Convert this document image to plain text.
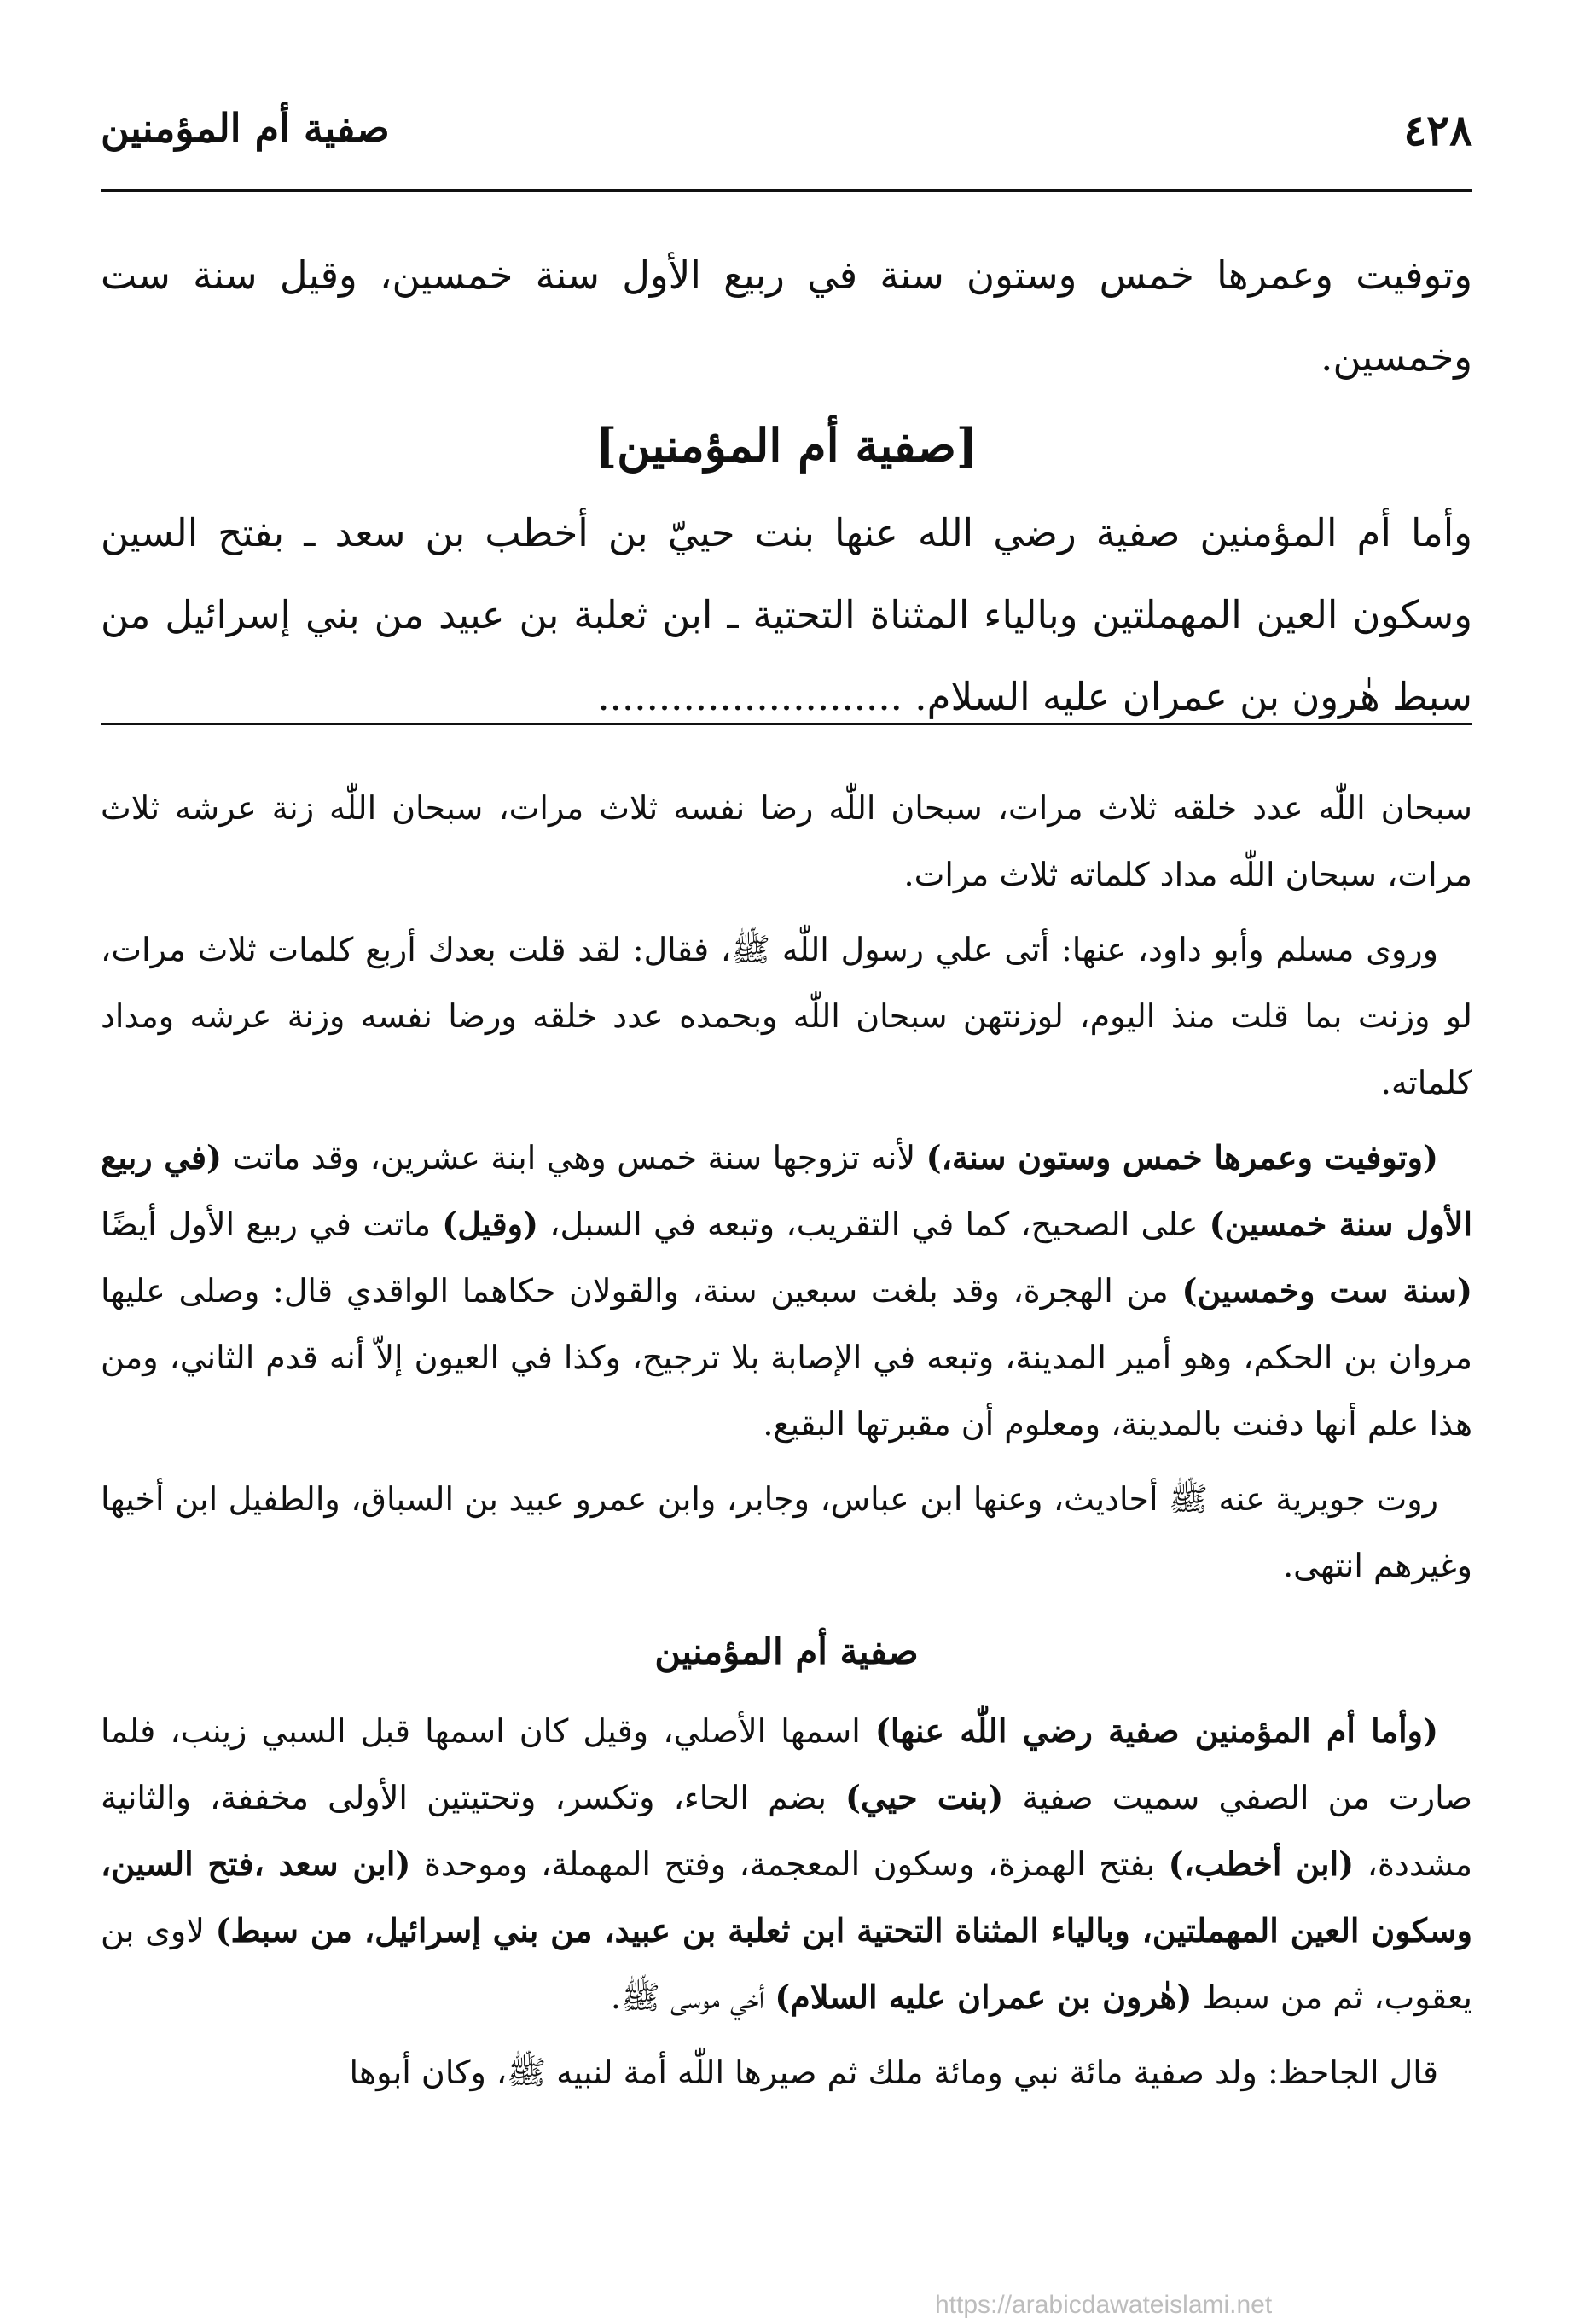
٤٢٨
صفية أم المؤمنين

وتوفيت وعمرها خمس وستون سنة في ربيع الأول سنة خمسين، وقيل سنة ست وخمسين.

[صفية أم المؤمنين]

وأما أم المؤمنين صفية رضي الله عنها بنت حييّ بن أخطب بن سعد ـ بفتح السين وسكون العين المهملتين وبالياء المثناة التحتية ـ ابن ثعلبة بن عبيد من بني إسرائيل من سبط هٰرون بن عمران عليه السلام. .........................

سبحان اللّٰه عدد خلقه ثلاث مرات، سبحان اللّٰه رضا نفسه ثلاث مرات، سبحان اللّٰه زنة عرشه ثلاث مرات، سبحان اللّٰه مداد كلماته ثلاث مرات.

وروى مسلم وأبو داود، عنها: أتى علي رسول اللّٰه ﷺ، فقال: لقد قلت بعدك أربع كلمات ثلاث مرات، لو وزنت بما قلت منذ اليوم، لوزنتهن سبحان اللّٰه وبحمده عدد خلقه ورضا نفسه وزنة عرشه ومداد كلماته.

(وتوفيت وعمرها خمس وستون سنة،) لأنه تزوجها سنة خمس وهي ابنة عشرين، وقد ماتت (في ربيع الأول سنة خمسين) على الصحيح، كما في التقريب، وتبعه في السبل، (وقيل) ماتت في ربيع الأول أيضًا (سنة ست وخمسين) من الهجرة، وقد بلغت سبعين سنة، والقولان حكاهما الواقدي قال: وصلى عليها مروان بن الحكم، وهو أمير المدينة، وتبعه في الإصابة بلا ترجيح، وكذا في العيون إلاّ أنه قدم الثاني، ومن هذا علم أنها دفنت بالمدينة، ومعلوم أن مقبرتها البقيع.

روت جويرية عنه ﷺ أحاديث، وعنها ابن عباس، وجابر، وابن عمرو عبيد بن السباق، والطفيل ابن أخيها وغيرهم انتهى.

صفية أم المؤمنين

(وأما أم المؤمنين صفية رضي اللّٰه عنها) اسمها الأصلي، وقيل كان اسمها قبل السبي زينب، فلما صارت من الصفي سميت صفية (بنت حيي) بضم الحاء، وتكسر، وتحتيتين الأولى مخففة، والثانية مشددة، (ابن أخطب،) بفتح الهمزة، وسكون المعجمة، وفتح المهملة، وموحدة (ابن سعد ،فتح السين، وسكون العين المهملتين، وبالياء المثناة التحتية ابن ثعلبة بن عبيد، من بني إسرائيل، من سبط) لاوى بن يعقوب، ثم من سبط (هٰرون بن عمران عليه السلام) أخي موسى ﷺ.

قال الجاحظ: ولد صفية مائة نبي ومائة ملك ثم صيرها اللّٰه أمة لنبيه ﷺ، وكان أبوها

https://arabicdawateislami.net
